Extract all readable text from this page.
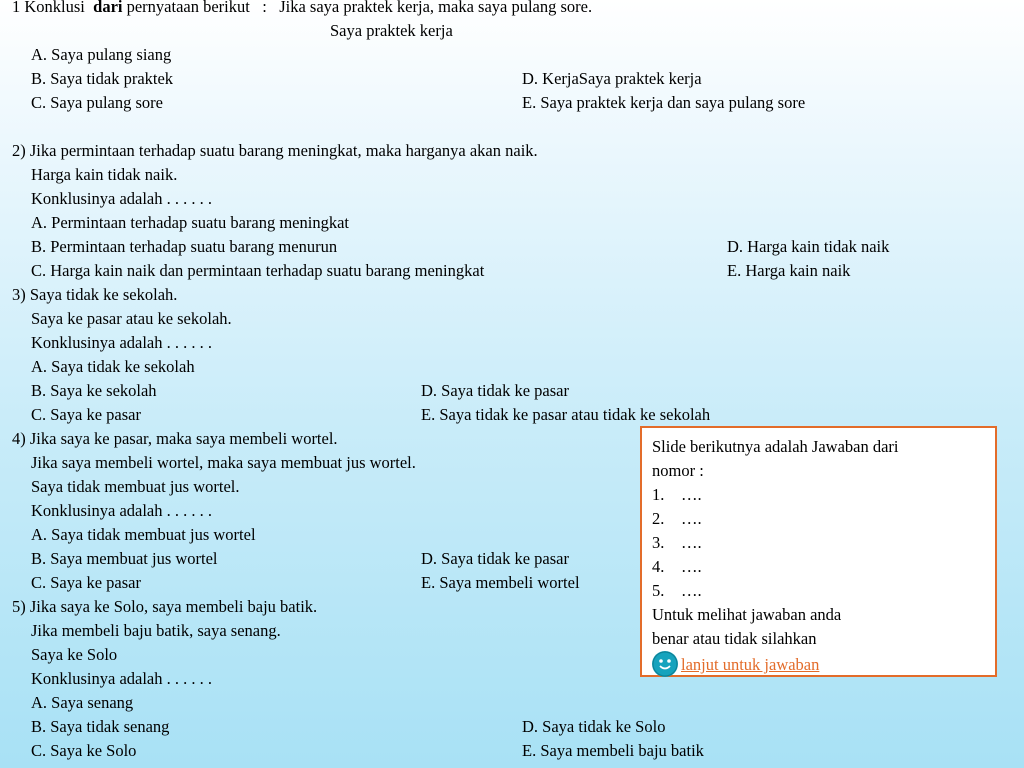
1 Konklusi dari pernyataan berikut : Jika saya praktek kerja, maka saya pulang sore.
Saya praktek kerja
A. Saya pulang siang
B. Saya tidak praktek	D. KerjaSaya praktek kerja
C. Saya pulang sore	E. Saya praktek kerja dan saya pulang sore
2) Jika permintaan terhadap suatu barang meningkat, maka harganya akan naik.
Harga kain tidak naik.
Konklusinya adalah . . . . . .
A. Permintaan terhadap suatu barang meningkat
B. Permintaan terhadap suatu barang menurun	D. Harga kain tidak naik
C. Harga kain naik dan permintaan terhadap suatu barang meningkat	E. Harga kain naik
3) Saya tidak ke sekolah.
Saya ke pasar atau ke sekolah.
Konklusinya adalah . . . . . .
A. Saya tidak ke sekolah
B. Saya ke sekolah	D. Saya tidak ke pasar
C. Saya ke pasar	E. Saya tidak ke pasar atau tidak ke sekolah
4) Jika saya ke pasar, maka saya membeli wortel.
Jika saya membeli wortel, maka saya membuat jus wortel.
Saya tidak membuat jus wortel.
Konklusinya adalah . . . . . .
A. Saya tidak membuat jus wortel
B. Saya membuat jus wortel	D. Saya tidak ke pasar
C. Saya ke pasar	E. Saya membeli wortel
5) Jika saya ke Solo, saya membeli baju batik.
Jika membeli baju batik, saya senang.
Saya ke Solo
Konklusinya adalah . . . . . .
A. Saya senang
B. Saya tidak senang	D. Saya tidak ke Solo
C. Saya ke Solo	E. Saya membeli baju batik
Slide berikutnya adalah Jawaban dari
nomor :
1. ….
2. ….
3. ….
4. ….
5. ….
Untuk melihat jawaban anda
benar atau tidak silahkan
lanjut untuk jawaban
